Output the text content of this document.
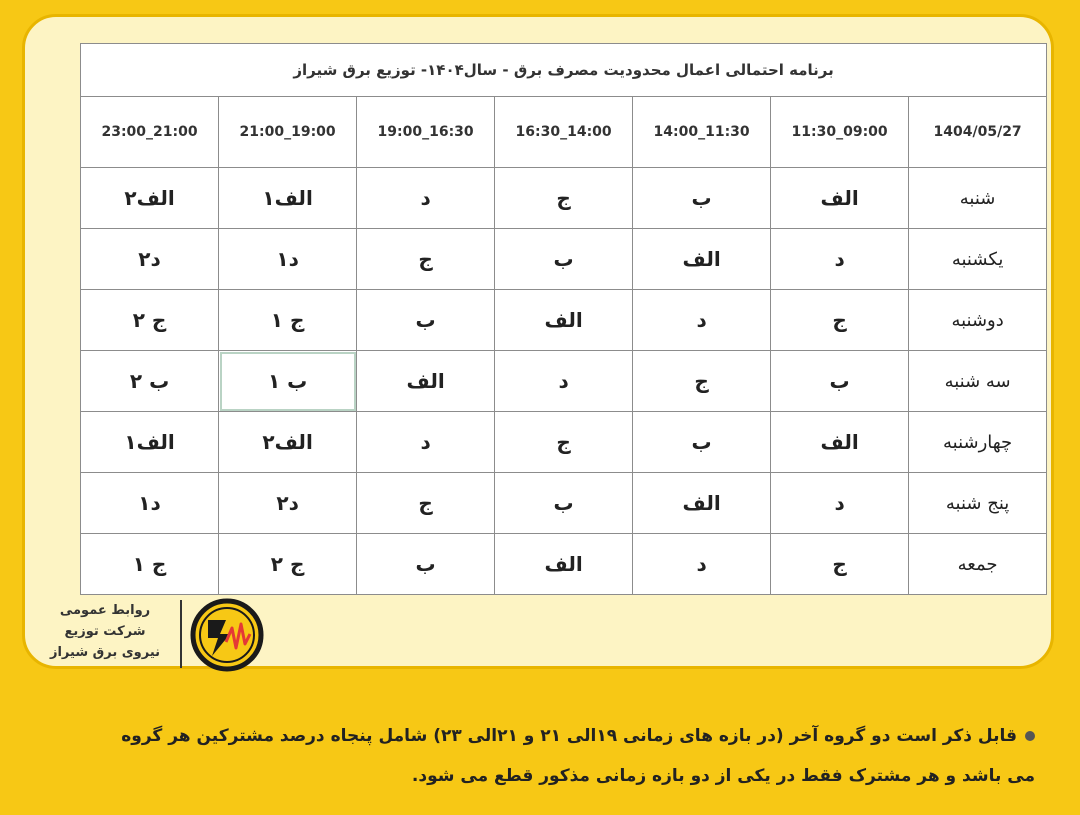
برنامه احتمالی اعمال محدودیت مصرف برق - سال۱۴۰۴- توزیع برق شیراز						
1404/05/27	09:00_11:30	11:30_14:00	14:00_16:30	16:30_19:00	19:00_21:00	21:00_23:00
شنبه	الف	ب	ج	د	الف۱	الف۲
یکشنبه	د	الف	ب	ج	د۱	د۲
دوشنبه	ج	د	الف	ب	ج ۱	ج ۲
سه شنبه	ب	ج	د	الف	ب ۱	ب ۲
چهارشنبه	الف	ب	ج	د	الف۲	الف۱
پنج شنبه	د	الف	ب	ج	د۲	د۱
جمعه	ج	د	الف	ب	ج ۲	ج ۱
روابط عمومی
شرکت توزیع
نیروی برق شیراز
قابل ذکر است دو گروه آخر (در بازه های زمانی ۱۹الی ۲۱ و ۲۱الی ۲۳) شامل پنجاه درصد مشترکین هر گروه
می باشد و هر مشترک فقط در یکی از دو بازه زمانی مذکور قطع می شود.
